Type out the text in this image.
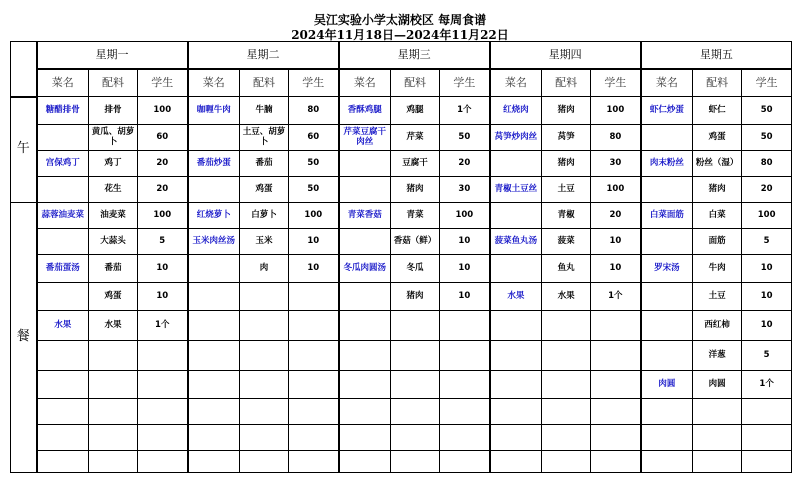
吴江实验小学太湖校区 每周食谱
2024年11月18日—2024年11月22日
	星期一			星期二			星期三			星期四			星期五		
	菜名	配料	学生	菜名	配料	学生	菜名	配料	学生	菜名	配料	学生	菜名	配料	学生
午	糖醋排骨	排骨	100	咖喱牛肉	牛腩	80	香酥鸡腿	鸡腿	1个	红烧肉	猪肉	100	虾仁炒蛋	虾仁	50
		黄瓜、胡萝卜	60		土豆、胡萝卜	60	芹菜豆腐干肉丝	芹菜	50	莴笋炒肉丝	莴笋	80		鸡蛋	50
	宫保鸡丁	鸡丁	20	番茄炒蛋	番茄	50		豆腐干	20		猪肉	30	肉末粉丝	粉丝（湿）	80
		花生	20		鸡蛋	50		猪肉	30	青椒土豆丝	土豆	100		猪肉	20
餐	蒜蓉油麦菜	油麦菜	100	红烧萝卜	白萝卜	100	青菜香菇	青菜	100		青椒	20	白菜面筋	白菜	100
		大蒜头	5	玉米肉丝汤	玉米	10		香菇（鲜）	10	菠菜鱼丸汤	菠菜	10		面筋	5
	番茄蛋汤	番茄	10		肉	10	冬瓜肉圆汤	冬瓜	10		鱼丸	10	罗宋汤	牛肉	10
		鸡蛋	10					猪肉	10	水果	水果	1个		土豆	10
	水果	水果	1个											西红柿	10
														洋葱	5
													肉圆	肉圆	1个
